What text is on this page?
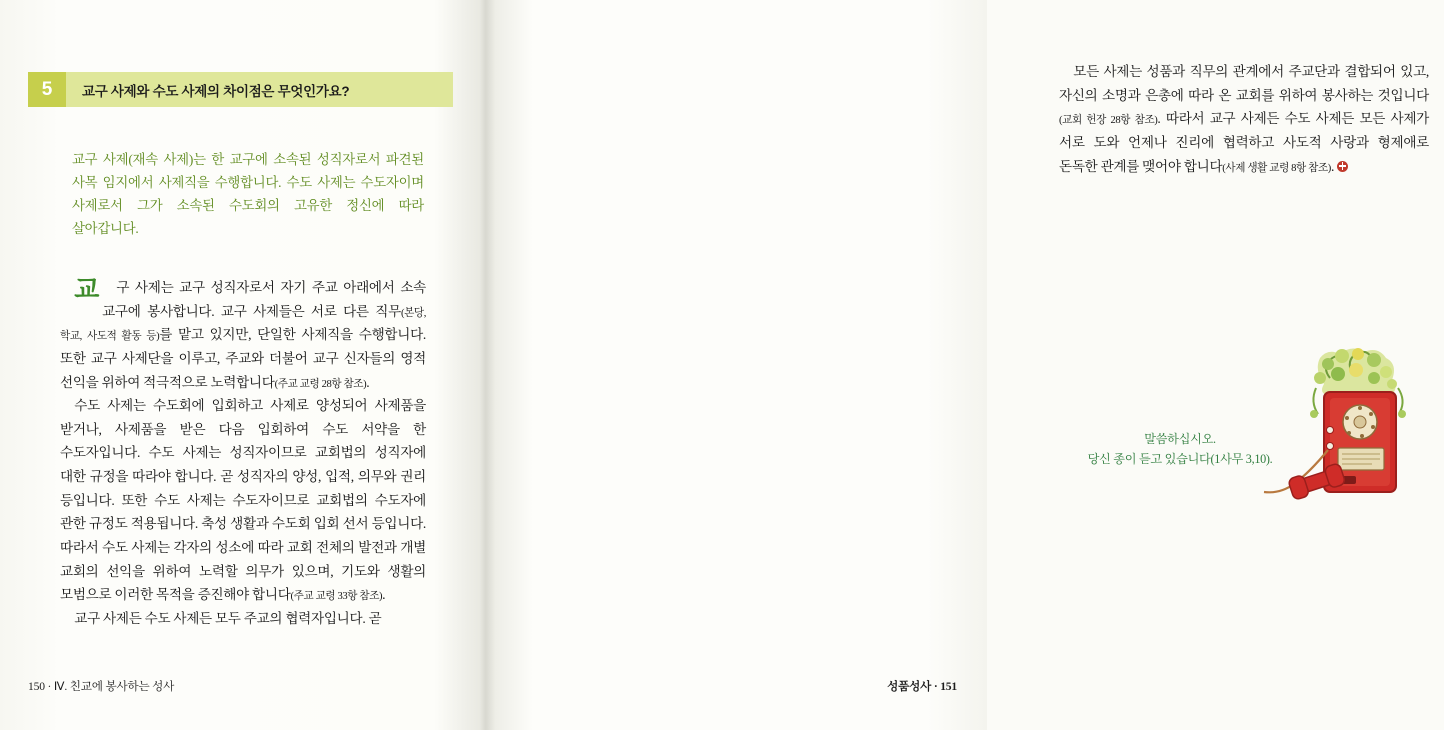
5	교구 사제와 수도 사제의 차이점은 무엇인가요?
교구 사제(재속 사제)는 한 교구에 소속된 성직자로서 파견된 사목 임지에서 사제직을 수행합니다. 수도 사제는 수도자이며 사제로서 그가 소속된 수도회의 고유한 정신에 따라 살아갑니다.

교 구 사제는 교구 성직자로서 자기 주교 아래에서 소속 교구에 봉사합니다. 교구 사제들은 서로 다른 직무(본당, 학교, 사도적 활동 등)를 맡고 있지만, 단일한 사제직을 수행합니다. 또한 교구 사제단을 이루고, 주교와 더불어 교구 신자들의 영적 선익을 위하여 적극적으로 노력합니다(주교 교령 28항 참조).

수도 사제는 수도회에 입회하고 사제로 양성되어 사제품을 받거나, 사제품을 받은 다음 입회하여 수도 서약을 한 수도자입니다. 수도 사제는 성직자이므로 교회법의 성직자에 대한 규정을 따라야 합니다. 곧 성직자의 양성, 입적, 의무와 권리 등입니다. 또한 수도 사제는 수도자이므로 교회법의 수도자에 관한 규정도 적용됩니다. 축성 생활과 수도회 입회 선서 등입니다. 따라서 수도 사제는 각자의 성소에 따라 교회 전체의 발전과 개별 교회의 선익을 위하여 노력할 의무가 있으며, 기도와 생활의 모범으로 이러한 목적을 증진해야 합니다(주교 교령 33항 참조).

교구 사제든 수도 사제든 모두 주교의 협력자입니다. 곧

150 · Ⅳ. 친교에 봉사하는 성사

모든 사제는 성품과 직무의 관계에서 주교단과 결합되어 있고, 자신의 소명과 은총에 따라 온 교회를 위하여 봉사하는 것입니다(교회 헌장 28항 참조). 따라서 교구 사제든 수도 사제든 모든 사제가 서로 도와 언제나 진리에 협력하고 사도적 사랑과 형제애로 돈독한 관계를 맺어야 합니다(사제 생활 교령 8항 참조).

말씀하십시오.
당신 종이 듣고 있습니다(1사무 3,10).
성품성사 · 151
